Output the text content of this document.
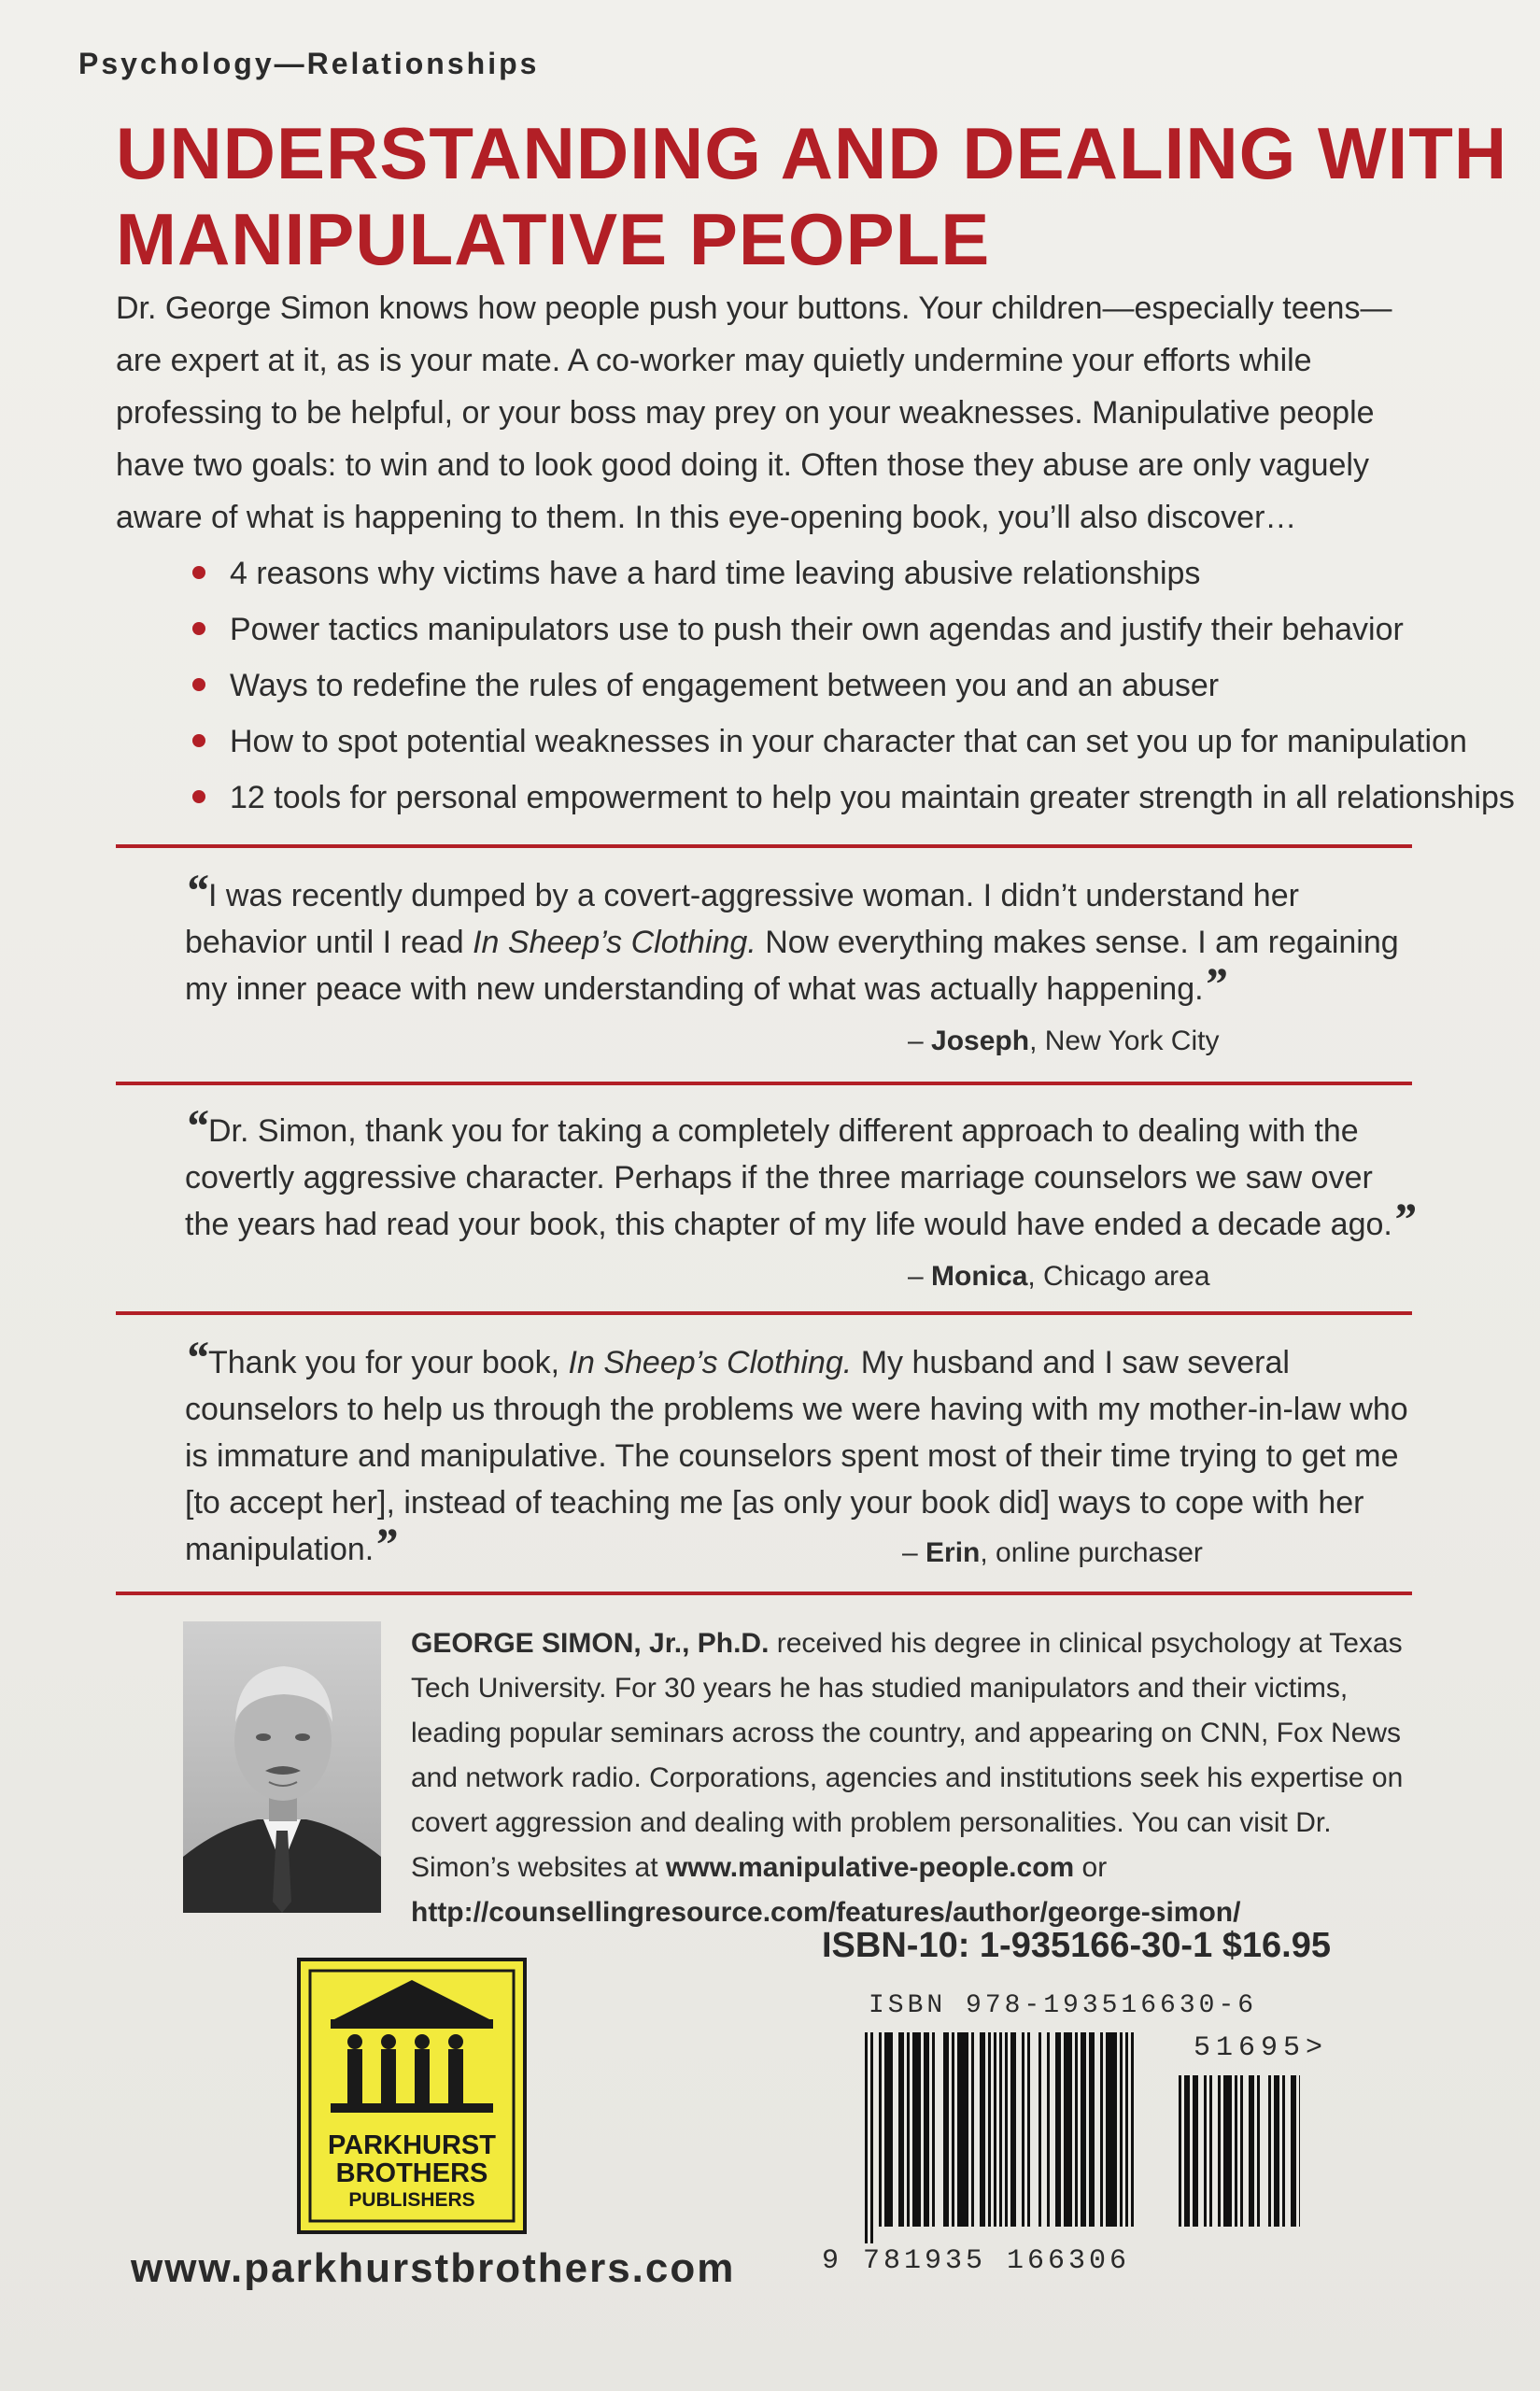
Psychology—Relationships
UNDERSTANDING AND DEALING WITH
MANIPULATIVE PEOPLE

Dr. George Simon knows how people push your buttons. Your children—especially teens—are expert at it, as is your mate. A co-worker may quietly undermine your efforts while professing to be helpful, or your boss may prey on your weaknesses. Manipulative people have two goals: to win and to look good doing it. Often those they abuse are only vaguely aware of what is happening to them. In this eye-opening book, you’ll also discover…

4 reasons why victims have a hard time leaving abusive relationships
Power tactics manipulators use to push their own agendas and justify their behavior
Ways to redefine the rules of engagement between you and an abuser
How to spot potential weaknesses in your character that can set you up for manipulation
12 tools for personal empowerment to help you maintain greater strength in all relationships

“I was recently dumped by a covert-aggressive woman. I didn’t understand her behavior until I read In Sheep’s Clothing. Now everything makes sense. I am regaining my inner peace with new understanding of what was actually happening.”

– Joseph, New York City

“Dr. Simon, thank you for taking a completely different approach to dealing with the covertly aggressive character. Perhaps if the three marriage counselors we saw over the years had read your book, this chapter of my life would have ended a decade ago.”

– Monica, Chicago area

“Thank you for your book, In Sheep’s Clothing. My husband and I saw several counselors to help us through the problems we were having with my mother-in-law who is immature and manipulative. The counselors spent most of their time trying to get me [to accept her], instead of teaching me [as only your book did] ways to cope with her manipulation.”	– Erin, online purchaser

GEORGE SIMON, Jr., Ph.D. received his degree in clinical psychology at Texas Tech University. For 30 years he has studied manipulators and their victims, leading popular seminars across the country, and appearing on CNN, Fox News and network radio. Corporations, agencies and institutions seek his expertise on covert aggression and dealing with problem personalities. You can visit Dr. Simon’s websites at www.manipulative-people.com or http://counsellingresource.com/features/author/george-simon/

PARKHURST
BROTHERS
PUBLISHERS
www.parkhurstbrothers.com
ISBN-10: 1-935166-30-1 $16.95
ISBN 978-193516630-6
51695>
9 781935 166306
